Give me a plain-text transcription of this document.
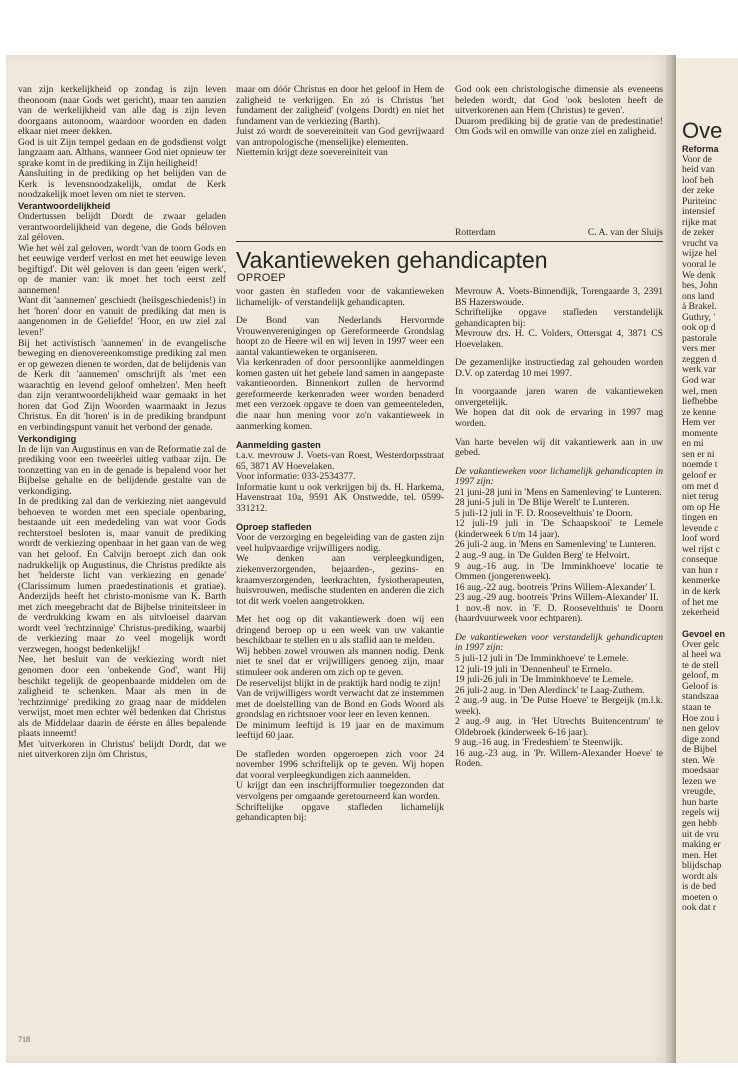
van zijn kerkelijkheid op zondag is zijn leven theonoom (naar Gods wet gericht), maar ten aanzien van de werkelijkheid van alle dag is zijn leven doorgaans autonoom, waardoor woorden en daden elkaar niet meer dekken.

God is uit Zijn tempel gedaan en de godsdienst volgt langzaam aan. Althans, wanneer God niet opnieuw ter sprake komt in de prediking in Zijn heiligheid!

Aansluiting in de prediking op het belijden van de Kerk is levensnoodzakelijk, omdat de Kerk noodzakelijk moet leven om niet te sterven.

Verantwoordelijkheid

Ondertussen belijdt Dordt de zwaar geladen verantwoordelijkheid van degene, die Gods béloven zal géloven.

Wie het wèl zal geloven, wordt 'van de toorn Gods en het eeuwige verderf verlost en met het eeuwige leven begiftigd'. Dit wèl geloven is dan geen 'eigen werk', op de manier van: ik moet het toch eerst zelf aannemen!

Want dit 'aannemen' geschiedt (heilsgeschiedenis!) in het 'horen' door en vanuit de prediking dat men is aangenomen in de Geliefde! 'Hoor, en uw ziel zal leven!'

Bij het activistisch 'aannemen' in de evangelische beweging en dienovereenkomstige prediking zal men er op gewezen dienen te worden, dat de belijdenis van de Kerk dit 'aannemen' omschrijft als 'met een waarachtig en levend geloof omhelzen'. Men heeft dan zijn verantwoordelijkheid waar gemaakt in het horen dat God Zijn Woorden waarmaakt in Jezus Christus. En dit 'horen' is in de prediking brandpunt en verbindingspunt vanuit het verbond der genade.

Verkondiging

In de lijn van Augustinus en van de Reformatie zal de prediking voor een tweeërlei uitleg vatbaar zijn. De toonzetting van en in de genade is bepalend voor het Bijbelse gehalte en de belijdende gestalte van de verkondiging.

In de prediking zal dan de verkiezing niet aangevuld behoeven te worden met een speciale openbaring, bestaande uit een mededeling van wat voor Gods rechterstoel besloten is, maar vanuit de prediking wordt de verkiezing openbaar in het gaan van de weg van het geloof. En Calvijn beroept zich dan ook nadrukkelijk op Augustinus, die Christus predikte als het 'helderste licht van verkiezing en genade' (Clarissimum lumen praedestinationis et gratiae). Anderzijds heeft het christo-monisme van K. Barth met zich meegebracht dat de Bijbelse triniteitsleer in de verdrukking kwam en als uitvloeisel daarvan wordt veel 'rechtzinnige' Christus-prediking, waarbij de verkiezing maar zo veel mogelijk wordt verzwegen, hoogst bedenkelijk!

Nee, het besluit van de verkiezing wordt niet genomen door een 'onbekende God', want Hij beschikt tegelijk de geopenbaarde middelen om de zaligheid te schenken. Maar als men in de 'rechtzinnige' prediking zo graag naar de middelen verwijst, moet men echter wèl bedenken dat Christus als de Middelaar daarin de éérste en álles bepalende plaats inneemt!

Met 'uitverkoren in Christus' belijdt Dordt, dat we niet uitverkoren zijn òm Christus,

maar om dóór Christus en door het geloof in Hem de zaligheid te verkrijgen. En zó is Christus 'het fundament der zaligheid' (volgens Dordt) en niet het fundament van de verkiezing (Barth).

Juist zó wordt de soevereiniteit van God gevrijwaard van antropologische (menselijke) elementen.

Niettemin krijgt deze soevereiniteit van

God ook een christologische dimensie als eveneens beleden wordt, dat God 'ook besloten heeft de uitverkorenen aan Hem (Christus) te geven'.

Duarom prediking bij de gratie van de predestinatie! Om Gods wil en omwille van onze ziel en zaligheid.

Rotterdam	C. A. van der Sluijs
Vakantieweken gehandicapten
OPROEP

voor gasten èn stafleden voor de vakantieweken lichamelijk- of verstandelijk gehandicapten.

De Bond van Nederlands Hervormde Vrouwenverenigingen op Gereformeerde Grondslag hoopt zo de Heere wil en wij leven in 1997 weer een aantal vakantieweken te organiseren.

Via kerkenraden of door persoonlijke aanmeldingen komen gasten uit het gehele land samen in aangepaste vakantieoorden. Binnenkort zullen de hervormd gereformeerde kerkenraden weer worden benaderd met een verzoek opgave te doen van gemeenteleden, die naar hun mening voor zo'n vakantieweek in aanmerking komen.

Aanmelding gasten

t.a.v. mevrouw J. Voets-van Roest, Westerdorpsstraat 65, 3871 AV Hoevelaken.

Voor informatie: 033-2534377.

Informatie kunt u ook verkrijgen bij ds. H. Harkema, Havenstraat 10a, 9591 AK Onstwedde, tel. 0599-331212.

Oproep stafleden

Voor de verzorging en begeleiding van de gasten zijn veel hulpvaardige vrijwilligers nodig.

We denken aan verpleegkundigen, ziekenverzorgenden, bejaarden-, gezins- en kraamverzorgenden, leerkrachten, fysiotherapeuten, huisvrouwen, medische studenten en anderen die zich tot dit werk voelen aangetrokken.

Met het oog op dit vakantiewerk doen wij een dringend beroep op u een week van uw vakantie beschikbaar te stellen en u als staflid aan te melden.

Wij hebben zowel vrouwen als mannen nodig. Denk niet te snel dat er vrijwilligers genoeg zijn, maar stimuleer ook anderen om zich op te geven.

De reservelijst blijkt in de praktijk hard nodig te zijn!

Van de vrijwilligers wordt verwacht dat ze instemmen met de doelstelling van de Bond en Gods Woord als grondslag en richtsnoer voor leer en leven kennen.

De minimum leeftijd is 19 jaar en de maximum leeftijd 60 jaar.

De stafleden worden opgeroepen zich voor 24 november 1996 schriftelijk op te geven. Wij hopen dat vooral verpleegkundigen zich aanmelden.

U krijgt dan een inschrijfformulier toegezonden dat vervolgens per omgaande geretourneerd kan worden.

Schriftelijke opgave stafleden lichamelijk gehandicapten bij:

Mevrouw A. Voets-Binnendijk, Torengaarde 3, 2391 BS Hazerswoude.

Schriftelijke opgave stafleden verstandelijk gehandicapten bij:

Mevrouw drs. H. C. Volders, Ottersgat 4, 3871 CS Hoevelaken.

De gezamenlijke instructiedag zal gehouden worden D.V. op zaterdag 10 mei 1997.

In voorgaande jaren waren de vakantieweken onvergetelijk.

We hopen dat dit ook de ervaring in 1997 mag worden.

Van harte bevelen wij dit vakantiewerk aan in uw gebed.

De vakantieweken voor lichamelijk gehandicapten in 1997 zijn:

21 juni-28 juni in 'Mens en Samenleving' te Lunteren.

28 juni-5 juli in 'De Blije Werelt' te Lunteren.

5 juli-12 juli in 'F. D. Roosevelthuis' te Doorn.

12 juli-19 juli in 'De Schaapskooi' te Lemele (kinderweek 6 t/m 14 jaar).

26 juli-2 aug. in 'Mens en Samenleving' te Lunteren.

2 aug.-9 aug. in 'De Gulden Berg' te Helvoirt.

9 aug.-16 aug. in 'De Imminkhoeve' locatie te Ommen (jongerenweek).

16 aug.-22 aug. bootreis 'Prins Willem-Alexander' I.

23 aug.-29 aug. bootreis 'Prins Willem-Alexander' II.

1 nov.-8 nov. in 'F. D. Roosevelthuis' te Doorn (haardvuurweek voor echtparen).

De vakantieweken voor verstandelijk gehandicapten in 1997 zijn:

5 juli-12 juli in 'De Imminkhoeve' te Lemele.

12 juli-19 juli in 'Dennenheul' te Ermelo.

19 juli-26 juli in 'De Imminkhoeve' te Lemele.

26 juli-2 aug. in 'Den Alerdinck' te Laag-Zuthem.

2 aug.-9 aug. in 'De Putse Hoeve' te Bergeijk (m.l.k. week).

2 aug.-9 aug. in 'Het Utrechts Buitencentrum' te Oldebroek (kinderweek 6-16 jaar).

9 aug.-16 aug. in 'Fredeshiem' te Steenwijk.

16 aug.-23 aug. in 'Pr. Willem-Alexander Hoeve' te Roden.

718
Ove
Reforma
Voor de
heid van
loof beh
der zeke
Puriteinc
intensief
rijke mat
de zeker
vrucht va
wijze hel
vooral le
We denk
bes, John
ons land
à Brakel.
Guthry, '
ook op d
pastorale
vers mer
zeggen d
werk var
God war
wel, men
liefhebbe
ze kenne
Hem ver
momente
en mi
sen er ni
noemde t
geloof er
om met d
niet terug
om op He
tingen en
levende c
loof word
wel rijst c
conseque
van hun r
kenmerke
in de kerk
of het me
zekerheid
Gevoel en
Over gelc
al heel wa
te de stell
geloof, m
Geloof is
standszaa
staan te
Hoe zou i
nen gelov
dige zond
de Bijbel
sten. We
moedsaar
lezen we
vreugde,
hun harte
regels wij
gen hebb
uit de vru
making er
men. Het
blijdschap
wordt als
is de bed
moeten o
ook dat r
